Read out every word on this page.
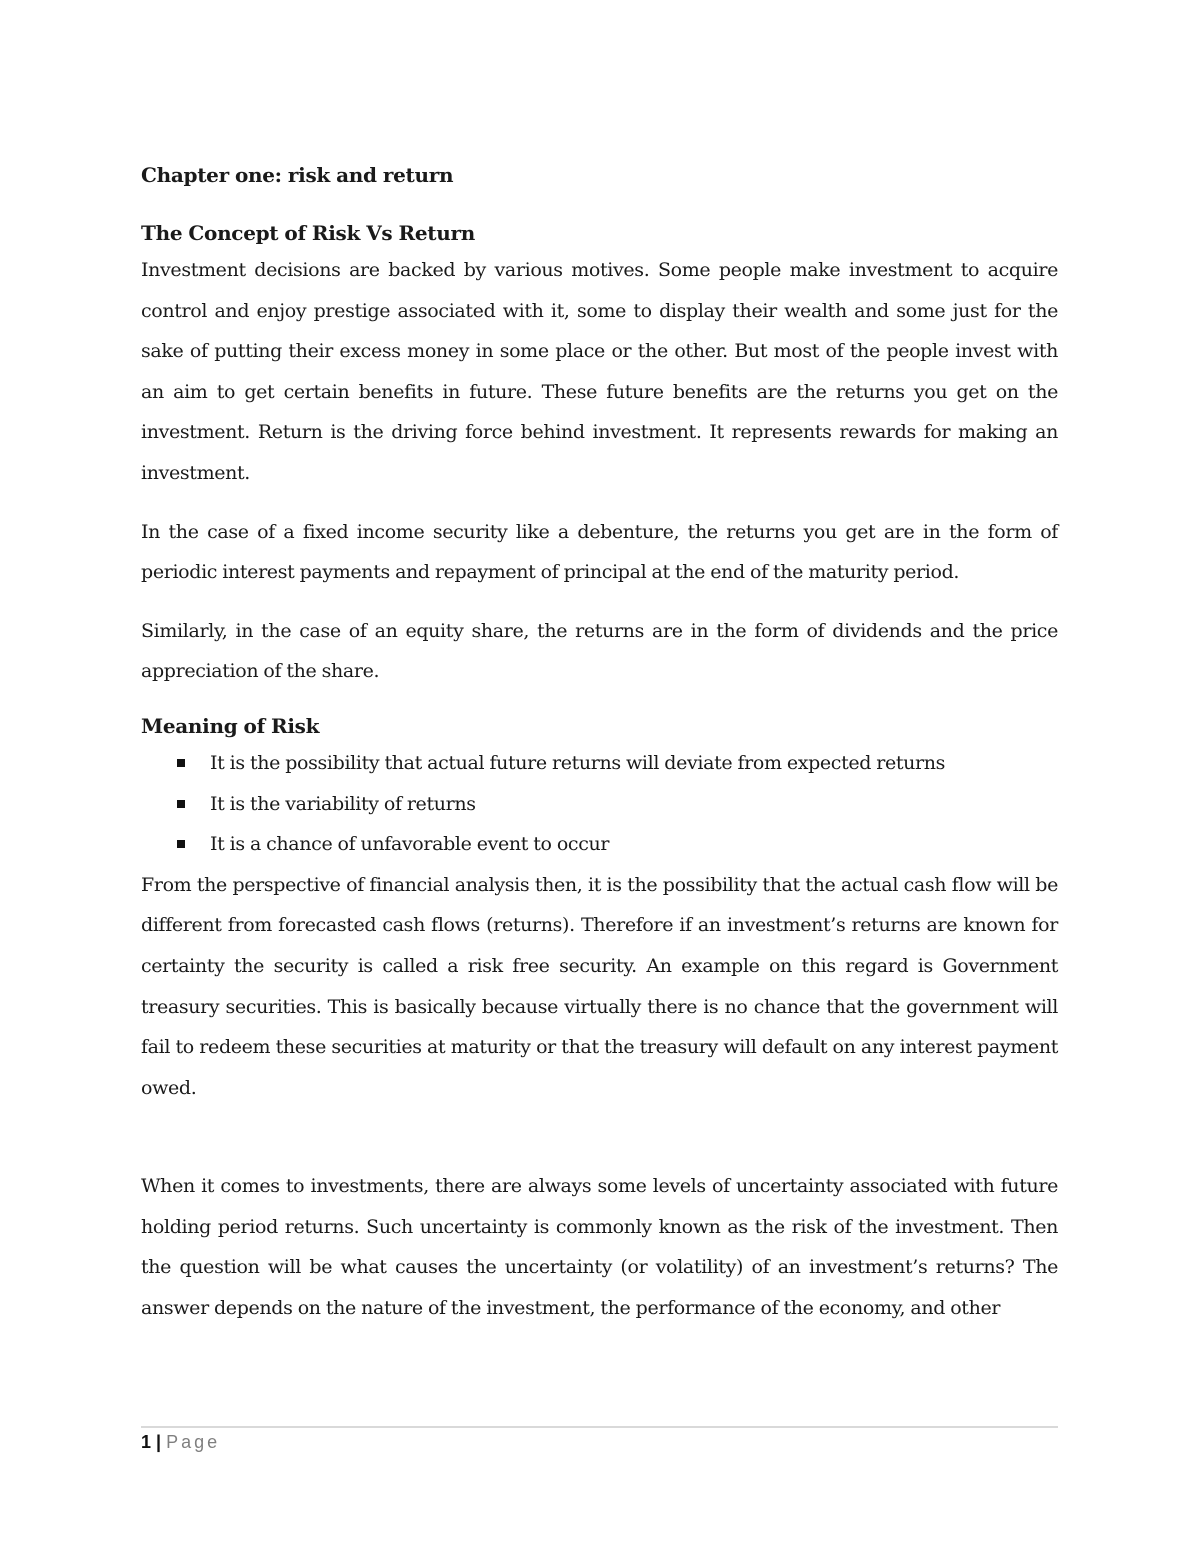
Chapter one: risk and return
The Concept of Risk Vs Return

Investment decisions are backed by various motives. Some people make investment to acquire control and enjoy prestige associated with it, some to display their wealth and some just for the sake of putting their excess money in some place or the other. But most of the people invest with an aim to get certain benefits in future. These future benefits are the returns you get on the investment. Return is the driving force behind investment. It represents rewards for making an investment.

In the case of a fixed income security like a debenture, the returns you get are in the form of periodic interest payments and repayment of principal at the end of the maturity period.

Similarly, in the case of an equity share, the returns are in the form of dividends and the price appreciation of the share.

Meaning of Risk
It is the possibility that actual future returns will deviate from expected returns
It is the variability of returns
It is a chance of unfavorable event to occur

From the perspective of financial analysis then, it is the possibility that the actual cash flow will be different from forecasted cash flows (returns). Therefore if an investment’s returns are known for certainty the security is called a risk free security. An example on this regard is Government treasury securities. This is basically because virtually there is no chance that the government will fail to redeem these securities at maturity or that the treasury will default on any interest payment owed.

When it comes to investments, there are always some levels of uncertainty associated with future holding period returns. Such uncertainty is commonly known as the risk of the investment. Then the question will be what causes the uncertainty (or volatility) of an investment’s returns? The answer depends on the nature of the investment, the performance of the economy, and other

1 | Page
